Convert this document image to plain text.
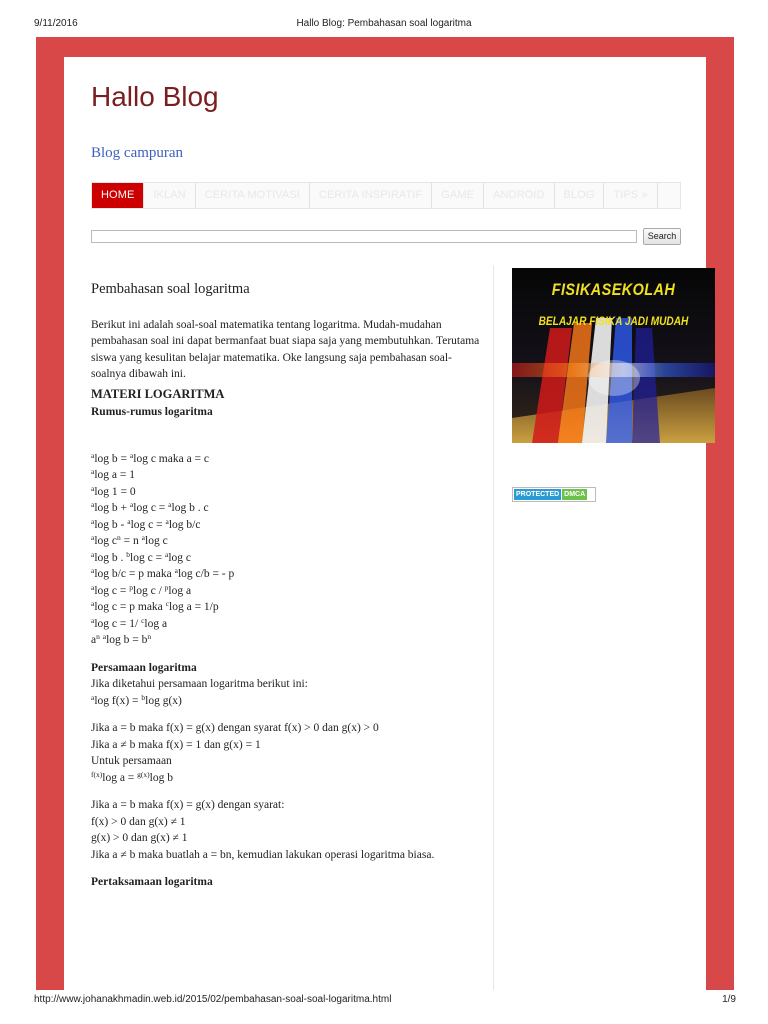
9/11/2016	Hallo Blog: Pembahasan soal logaritma
Hallo Blog
Blog campuran
HOME	IKLAN	CERITA MOTIVASI	CERITA INSPIRATIF	GAME	ANDROID	BLOG	TIPS »
Search
Pembahasan soal logaritma

Berikut ini adalah soal-soal matematika tentang logaritma. Mudah-mudahan pembahasan soal ini dapat bermanfaat buat siapa saja yang membutuhkan. Terutama siswa yang kesulitan belajar matematika. Oke langsung saja pembahasan soal-soalnya dibawah ini.

MATERI LOGARITMA
Rumus-rumus logaritma
$^a$log b = $^a$log c maka a = c
$^a$log a = 1
$^a$log 1 = 0
$^a$log b + $^a$log c = $^a$log b . c
$^a$log b - $^a$log c = $^a$log b/c
$^a$log $c^n = n$ $^a$log c
$^a$log b . $^b$log c = $^a$log c
$^a$log b/c = p maka $^a$log c/b = - p
$^a$log c = $^p$log c / $^p$log a
$^a$log c = p maka $^c$log a = 1/p
$^a$log c = 1/ $^c$log a
$a^n$ $^a$log $b = b^n$
Persamaan logaritma
Jika diketahui persamaan logaritma berikut ini:
$^a$log f(x) = $^b$log g(x)
Jika a = b maka f(x) = g(x) dengan syarat f(x) > 0 dan g(x) > 0
Jika a ≠ b maka f(x) = 1 dan g(x) = 1
Untuk persamaan
$^{f(x)}$log a = $^{g(x)}$log b
Jika a = b maka f(x) = g(x) dengan syarat:
f(x) > 0 dan g(x) ≠ 1
g(x) > 0 dan g(x) ≠ 1
Jika a ≠ b maka buatlah a = bn, kemudian lakukan operasi logaritma biasa.
Pertaksamaan logaritma
FISIKASEKOLAH
BELAJAR FISIKA JADI MUDAH
PROTECTED DMCA
http://www.johanakhmadin.web.id/2015/02/pembahasan-soal-soal-logaritma.html	1/9
